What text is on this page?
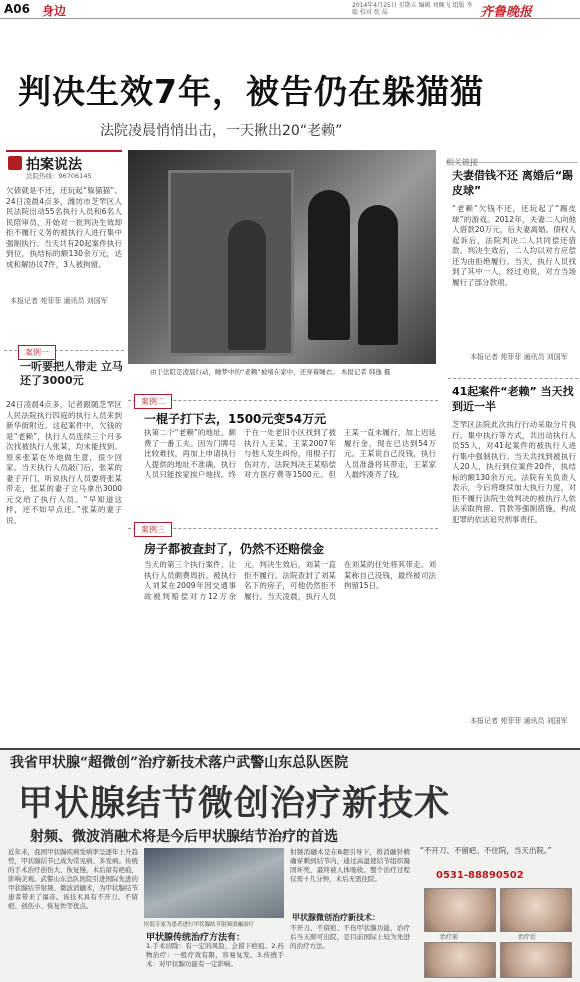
A06 身边	2014年4月25日 星期五 编辑 刘佩飞 组版 李 聪 校对 张 晶	齐鲁晚报
判决生效7年，被告仍在躲猫猫
法院凌晨悄悄出击，一天揪出20“老赖”
拍案说法
法院热线：96706145
欠债就是不还，还玩起“躲猫猫”。24日凌晨4点多，潍坊市芝罘区人民法院出动55名执行人员和6名人民陪审员，开始对一批判决生效却拒不履行义务的被执行人进行集中强制执行。当天共有20起案件执行到位，执结标的额130余万元，达成和解协议7件，3人被拘留。
本报记者 苑菲菲 通讯员 刘国军
由于法院是凌晨行动，睡梦中的“老赖”被堵在家中，还穿着睡衣。 本报记者 韩逸 摄
案例一
一听要把人带走 立马还了3000元
24日凌晨4点多，记者跟随芝罘区人民法院执行四庭的执行人员来到新华街附近。这起案件中，欠钱的是“老赖”，执行人员连续三个月多次找被执行人张某，均未能找到。原来张某在外地做生意，很少回家。当天执行人员敲门后，张某的妻子开门，听说执行人员要将张某带走，张某的妻子立马拿出3000元交给了执行人员。“早知道这样，还不如早点还。”张某的妻子说。
案例二
一棍子打下去，1500元变54万元
执第二个“老赖”的地址，颇费了一番工夫。因为门牌号比较难找，再加上申请执行人提供的地址不准确，执行人员只能挨家挨户地找。终于在一处老旧小区找到了被执行人王某。王某2007年与他人发生纠纷，用棍子打伤对方，法院判决王某赔偿对方医疗费等1500元。但王某一直未履行，加上迟延履行金，现在已达到54万元。王某说自己没钱，执行人员准备将其带走，王某家人最终凑齐了钱。
案例三
房子都被查封了，仍然不还赔偿金
当天的第三个执行案件，让执行人员颇费周折。被执行人刘某在2009年因交通事故被判赔偿对方12万余元，判决生效后，刘某一直拒不履行。法院查封了刘某名下的房子，可他仍然拒不履行。当天凌晨，执行人员在刘某的住处将其带走。刘某称自己没钱，最终被司法拘留15日。
相关链接
夫妻借钱不还 离婚后“踢皮球”
“老赖”欠钱不还，还玩起了“踢皮球”的游戏。2012年，夫妻二人向他人借款20万元，后夫妻离婚。债权人起诉后，法院判决二人共同偿还借款。判决生效后，二人均以对方应偿还为由拒绝履行。当天，执行人员找到了其中一人，经过劝说，对方当场履行了部分款项。
本报记者 苑菲菲 通讯员 刘国军
41起案件“老赖” 当天找到近一半
芝罘区法院此次执行行动采取分片执行、集中执行等方式，共出动执行人员55人，对41起案件的被执行人进行集中强制执行。当天共找到被执行人20人，执行到位案件20件，执结标的额130余万元。法院有关负责人表示，今后将继续加大执行力度，对拒不履行法院生效判决的被执行人依法采取拘留、罚款等强制措施，构成犯罪的依法追究刑事责任。
本报记者 苑菲菲 通讯员 刘国军
我省甲状腺“超微创”治疗新技术落户武警山东总队医院
甲状腺结节微创治疗新技术
射频、微波消融术将是今后甲状腺结节治疗的首选
近年来，我国甲状腺疾病发病率呈逐年上升趋势，甲状腺结节已成为常见病、多发病。传统的手术治疗创伤大、恢复慢，术后留有疤痕，影响美观。武警山东总队医院引进国际先进的甲状腺结节射频、微波消融术，为甲状腺结节患者带来了福音。该技术具有不开刀、不留疤、创伤小、恢复快等优点。
医院专家为患者进行甲状腺结节射频消融治疗
甲状腺传统治疗方法有：
1.手术切除：有一定的风险，会留下疤痕。2.药物治疗：一般疗效有限，容易复发。3.传统手术：对甲状腺功能有一定影响。
射频消融术是在B超引导下，将消融针精确穿刺到结节内，通过高温使结节组织凝固坏死，最终被人体吸收。整个治疗过程仅需十几分钟，术后无需住院。
甲状腺微创治疗新技术：
不开刀、不留疤、不伤甲状腺功能，治疗后当天即可出院，是目前国际上较为先进的治疗方法。
“不开刀、不留疤、不住院，当天出院。”
0531-88890502
治疗前	治疗后
